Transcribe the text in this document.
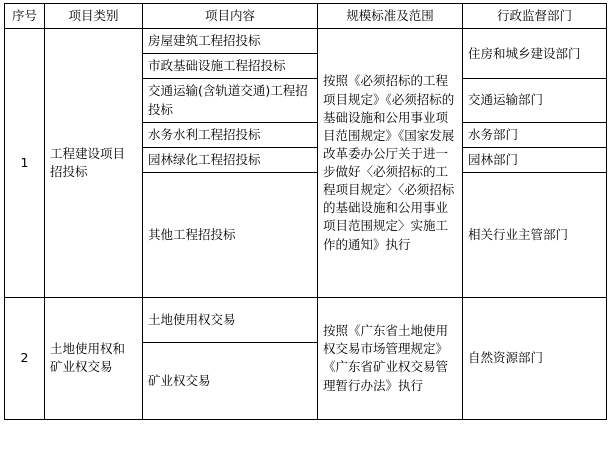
序号	项目类别	项目内容	规模标准及范围	行政监督部门
1	工程建设项目招投标	房屋建筑工程招投标	按照《必须招标的工程项目规定》《必须招标的基础设施和公用事业项目范围规定》《国家发展改革委办公厅关于进一步做好〈必须招标的工程项目规定〉〈必须招标的基础设施和公用事业项目范围规定〉实施工作的通知》执行	住房和城乡建设部门
		市政基础设施工程招投标		
		交通运输(含轨道交通)工程招投标		交通运输部门
		水务水利工程招投标		水务部门
		园林绿化工程招投标		园林部门
		其他工程招投标		相关行业主管部门
2	土地使用权和矿业权交易	土地使用权交易	按照《广东省土地使用权交易市场管理规定》《广东省矿业权交易管理暂行办法》执行	自然资源部门
		矿业权交易		
